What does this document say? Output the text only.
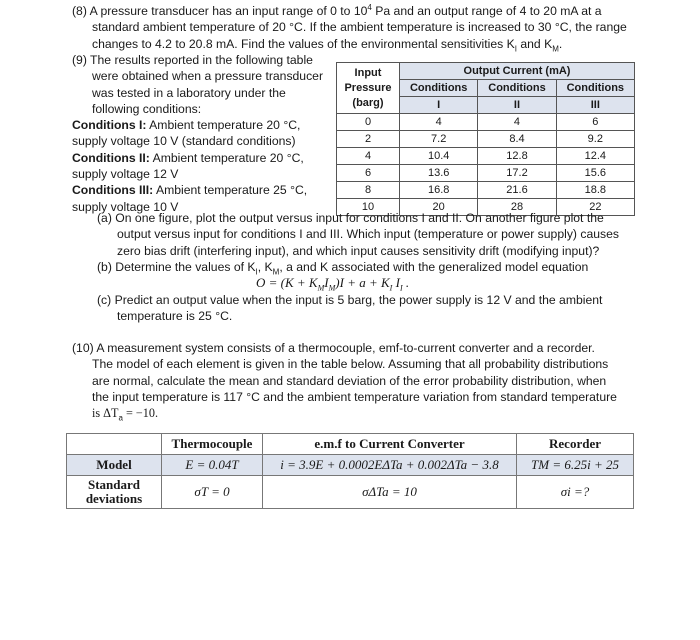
(8) A pressure transducer has an input range of 0 to $10^4$ Pa and an output range of 4 to 20 mA at a
standard ambient temperature of 20 °C. If the ambient temperature is increased to 30 °C, the range
changes to 4.2 to 20.8 mA. Find the values of the environmental sensitivities $K_I$ and $K_M$.
(9) The results reported in the following table
were obtained when a pressure transducer
was tested in a laboratory under the
following conditions:
Conditions I: Ambient temperature 20 °C,
supply voltage 10 V (standard conditions)
Conditions II: Ambient temperature 20 °C,
supply voltage 12 V
Conditions III: Ambient temperature 25 °C,
supply voltage 10 V
Input
Pressure
(barg)	Output Current (mA)		
	Conditions	Conditions	Conditions
	I	II	III
0	4	4	6
2	7.2	8.4	9.2
4	10.4	12.8	12.4
6	13.6	17.2	15.6
8	16.8	21.6	18.8
10	20	28	22
(a) On one figure, plot the output versus input for conditions I and II. On another figure plot the
output versus input for conditions I and III. Which input (temperature or power supply) causes
zero bias drift (interfering input), and which input causes sensitivity drift (modifying input)?
(b) Determine the values of $K_I$, $K_M$, a and K associated with the generalized model equation
$O = (K + K_MI_M)I + a + K_I$ $I_I$ .
(c) Predict an output value when the input is 5 barg, the power supply is 12 V and the ambient
temperature is 25 °C.
(10) A measurement system consists of a thermocouple, emf-to-current converter and a recorder.
The model of each element is given in the table below. Assuming that all probability distributions
are normal, calculate the mean and standard deviation of the error probability distribution, when
the input temperature is 117 °C and the ambient temperature variation from standard temperature
is $\Delta T_a = -10$.
	Thermocouple	e.m.f to Current Converter	Recorder
Model	E = 0.04T	i = 3.9E + 0.0002EΔTa + 0.002ΔTa − 3.8	TM = 6.25i + 25

Standard
deviations	σT = 0	σΔTa = 10	σi =?
